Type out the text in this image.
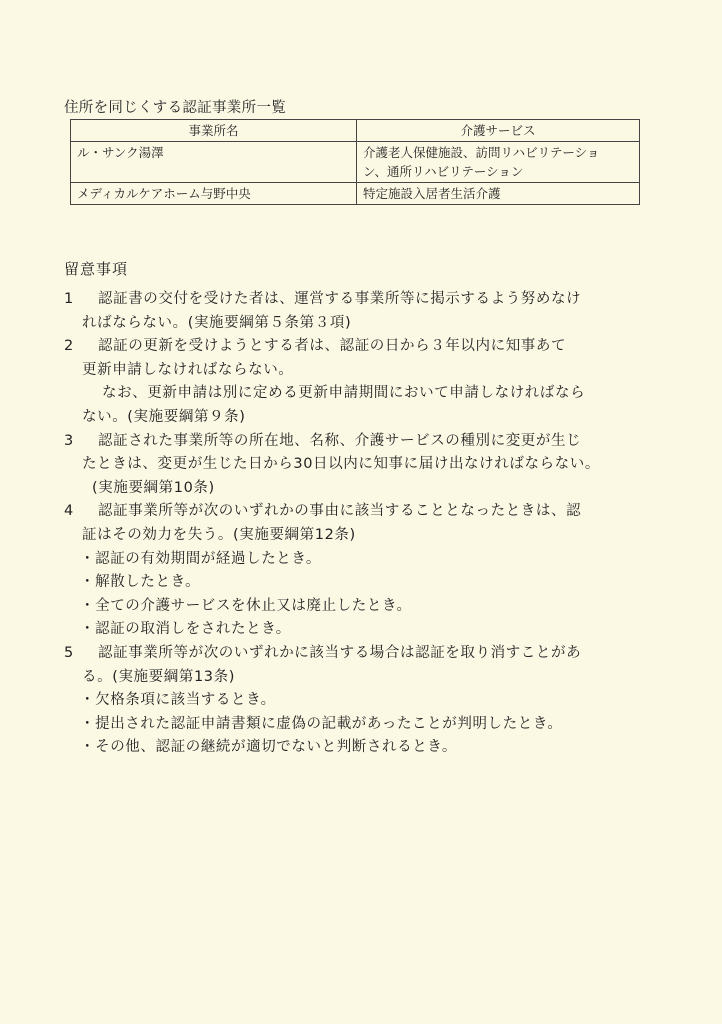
住所を同じくする認証事業所一覧
事業所名	介護サービス
ル・サンク湯澤	介護老人保健施設、訪問リハビリテーショ
ン、通所リハビリテーション

メディカルケアホーム与野中央	特定施設入居者生活介護
留意事項
1 認証書の交付を受けた者は、運営する事業所等に掲示するよう努めなけ
ればならない。(実施要綱第５条第３項)
2 認証の更新を受けようとする者は、認証の日から３年以内に知事あて
更新申請しなければならない。
なお、更新申請は別に定める更新申請期間において申請しなければなら
ない。(実施要綱第９条)
3 認証された事業所等の所在地、名称、介護サービスの種別に変更が生じ
たときは、変更が生じた日から30日以内に知事に届け出なければならない。
(実施要綱第10条)
4 認証事業所等が次のいずれかの事由に該当することとなったときは、認
証はその効力を失う。(実施要綱第12条)
・認証の有効期間が経過したとき。
・解散したとき。
・全ての介護サービスを休止又は廃止したとき。
・認証の取消しをされたとき。
5 認証事業所等が次のいずれかに該当する場合は認証を取り消すことがあ
る。(実施要綱第13条)
・欠格条項に該当するとき。
・提出された認証申請書類に虚偽の記載があったことが判明したとき。
・その他、認証の継続が適切でないと判断されるとき。
